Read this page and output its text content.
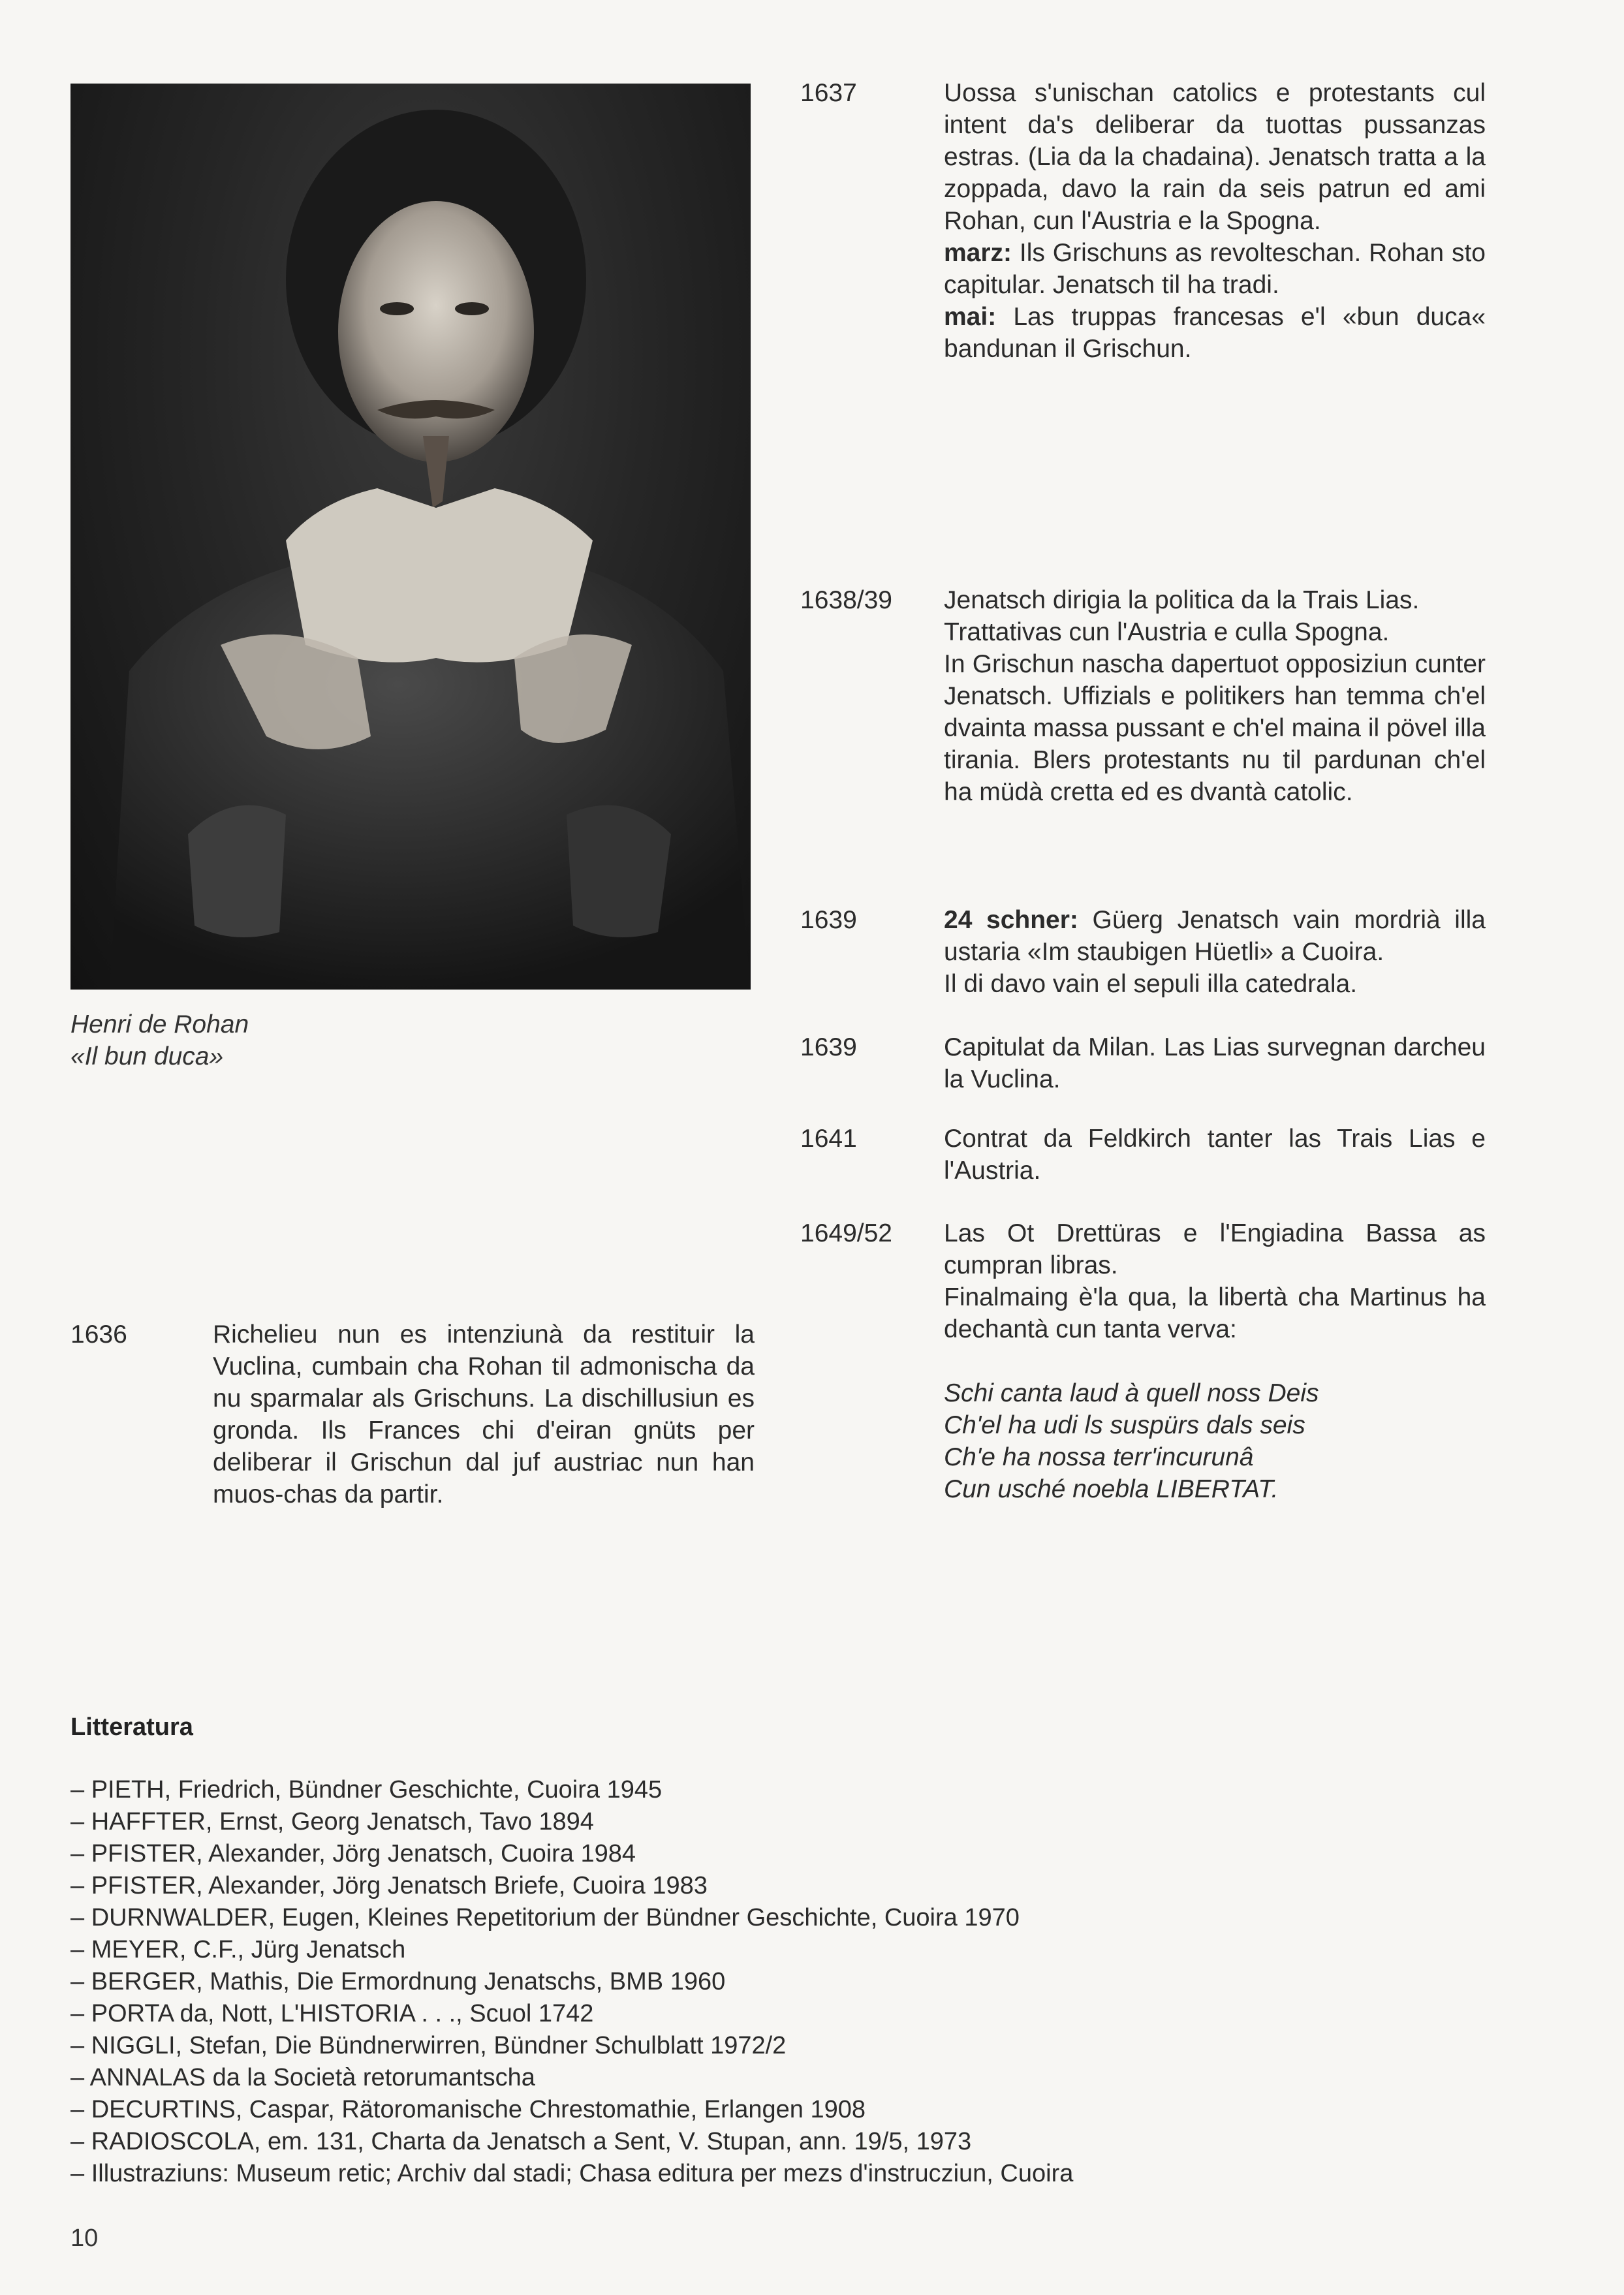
Henri de Rohan
«Il bun duca»
1637	Uossa s'unischan catolics e protestants cul intent da's deliberar da tuottas pussanzas estras. (Lia da la chadaina). Jenatsch tratta a la zoppada, davo la rain da seis patrun ed ami Rohan, cun l'Austria e la Spogna.

marz: Ils Grischuns as revolteschan. Rohan sto capitular. Jenatsch til ha tradi.

mai: Las truppas francesas e'l «bun duca« bandunan il Grischun.

1638/39	Jenatsch dirigia la politica da la Trais Lias.

Trattativas cun l'Austria e culla Spogna.

In Grischun nascha dapertuot opposiziun cunter Jenatsch. Uffizials e politikers han temma ch'el dvainta massa pussant e ch'el maina il pövel illa tirania. Blers protestants nu til pardunan ch'el ha müdà cretta ed es dvantà catolic.

1639	24 schner: Güerg Jenatsch vain mordrià illa ustaria «Im staubigen Hüetli» a Cuoira.

Il di davo vain el sepuli illa catedrala.

1639	Capitulat da Milan. Las Lias survegnan darcheu la Vuclina.

1641	Contrat da Feldkirch tanter las Trais Lias e l'Austria.

1649/52	Las Ot Drettüras e l'Engiadina Bassa as cumpran libras.

Finalmaing è'la qua, la libertà cha Martinus ha dechantà cun tanta verva:

Schi canta laud à quell noss Deis
Ch'el ha udi ls suspürs dals seis
Ch'e ha nossa terr'incurunâ
Cun usché noebla LIBERTAT.
1636	Richelieu nun es intenziunà da restituir la Vuclina, cumbain cha Rohan til admonischa da nu sparmalar als Grischuns. La dischillusiun es gronda. Ils Frances chi d'eiran gnüts per deliberar il Grischun dal juf austriac nun han muos-chas da partir.
Litteratura
– PIETH, Friedrich, Bündner Geschichte, Cuoira 1945
– HAFFTER, Ernst, Georg Jenatsch, Tavo 1894
– PFISTER, Alexander, Jörg Jenatsch, Cuoira 1984
– PFISTER, Alexander, Jörg Jenatsch Briefe, Cuoira 1983
– DURNWALDER, Eugen, Kleines Repetitorium der Bündner Geschichte, Cuoira 1970
– MEYER, C.F., Jürg Jenatsch
– BERGER, Mathis, Die Ermordnung Jenatschs, BMB 1960
– PORTA da, Nott, L'HISTORIA . . ., Scuol 1742
– NIGGLI, Stefan, Die Bündnerwirren, Bündner Schulblatt 1972/2
– ANNALAS da la Società retorumantscha
– DECURTINS, Caspar, Rätoromanische Chrestomathie, Erlangen 1908
– RADIOSCOLA, em. 131, Charta da Jenatsch a Sent, V. Stupan, ann. 19/5, 1973
– Illustraziuns: Museum retic; Archiv dal stadi; Chasa editura per mezs d'instrucziun, Cuoira
10
